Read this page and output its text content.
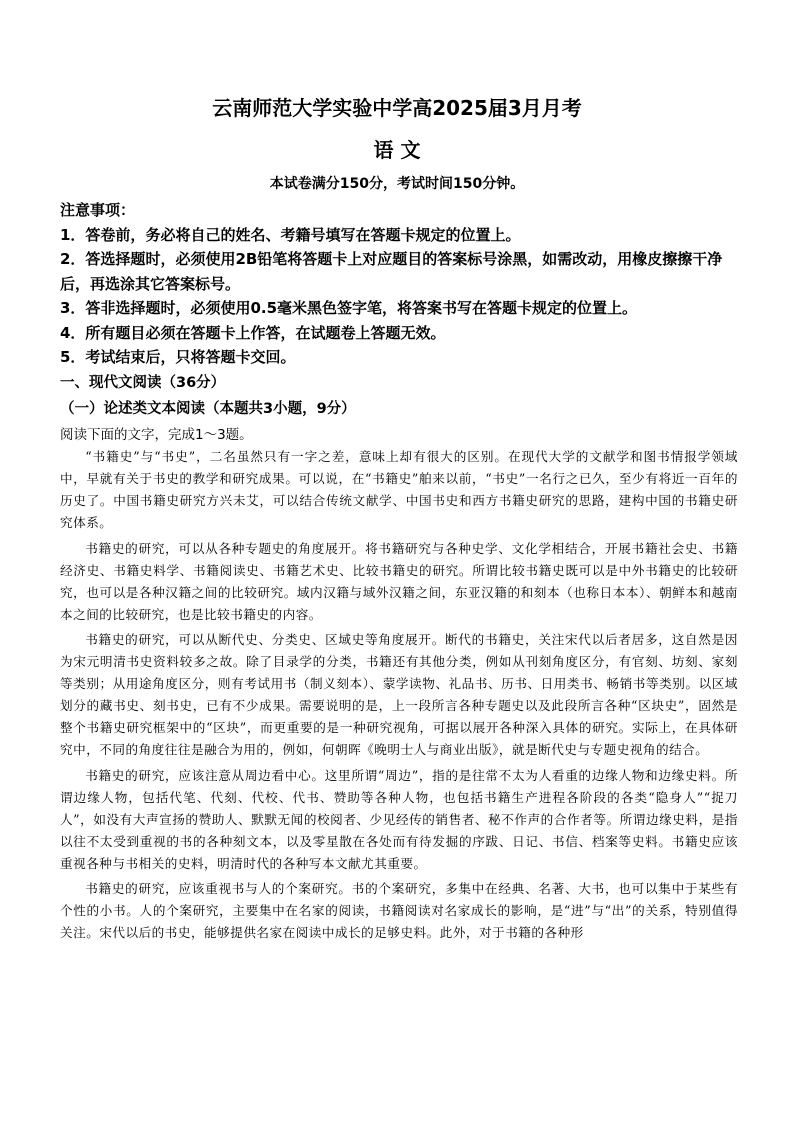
云南师范大学实验中学高2025届3月月考
语 文
本试卷满分150分，考试时间150分钟。
注意事项：
1．答卷前，务必将自己的姓名、考籍号填写在答题卡规定的位置上。
2．答选择题时，必须使用2B铅笔将答题卡上对应题目的答案标号涂黑，如需改动，用橡皮擦擦干净后，再选涂其它答案标号。
3．答非选择题时，必须使用0.5毫米黑色签字笔，将答案书写在答题卡规定的位置上。
4．所有题目必须在答题卡上作答，在试题卷上答题无效。
5．考试结束后，只将答题卡交回。
一、现代文阅读（36分）
（一）论述类文本阅读（本题共3小题，9分）
阅读下面的文字，完成1～3题。

“书籍史”与“书史”，二名虽然只有一字之差，意味上却有很大的区别。在现代大学的文献学和图书情报学领域中，早就有关于书史的教学和研究成果。可以说，在“书籍史”舶来以前，“书史”一名行之已久，至少有将近一百年的历史了。中国书籍史研究方兴未艾，可以结合传统文献学、中国书史和西方书籍史研究的思路，建构中国的书籍史研究体系。

书籍史的研究，可以从各种专题史的角度展开。将书籍研究与各种史学、文化学相结合，开展书籍社会史、书籍经济史、书籍史料学、书籍阅读史、书籍艺术史、比较书籍史的研究。所谓比较书籍史既可以是中外书籍史的比较研究，也可以是各种汉籍之间的比较研究。域内汉籍与域外汉籍之间，东亚汉籍的和刻本（也称日本本）、朝鲜本和越南本之间的比较研究，也是比较书籍史的内容。

书籍史的研究，可以从断代史、分类史、区域史等角度展开。断代的书籍史，关注宋代以后者居多，这自然是因为宋元明清书史资料较多之故。除了目录学的分类，书籍还有其他分类，例如从刊刻角度区分，有官刻、坊刻、家刻等类别；从用途角度区分，则有考试用书（制义刻本）、蒙学读物、礼品书、历书、日用类书、畅销书等类别。以区域划分的藏书史、刻书史，已有不少成果。需要说明的是，上一段所言各种专题史以及此段所言各种“区块史”，固然是整个书籍史研究框架中的“区块”，而更重要的是一种研究视角，可据以展开各种深入具体的研究。实际上，在具体研究中，不同的角度往往是融合为用的，例如，何朝晖《晚明士人与商业出版》，就是断代史与专题史视角的结合。

书籍史的研究，应该注意从周边看中心。这里所谓“周边”，指的是往常不太为人看重的边缘人物和边缘史料。所谓边缘人物，包括代笔、代刻、代校、代书、赞助等各种人物，也包括书籍生产进程各阶段的各类“隐身人”“捉刀人”，如没有大声宣扬的赞助人、默默无闻的校阅者、少见经传的销售者、秘不作声的合作者等。所谓边缘史料，是指以往不太受到重视的书的各种刻文本，以及零星散在各处而有待发掘的序跋、日记、书信、档案等史料。书籍史应该重视各种与书相关的史料，明清时代的各种写本文献尤其重要。

书籍史的研究，应该重视书与人的个案研究。书的个案研究，多集中在经典、名著、大书，也可以集中于某些有个性的小书。人的个案研究，主要集中在名家的阅读，书籍阅读对名家成长的影响，是“进”与“出”的关系，特别值得关注。宋代以后的书史，能够提供名家在阅读中成长的足够史料。此外，对于书籍的各种形
